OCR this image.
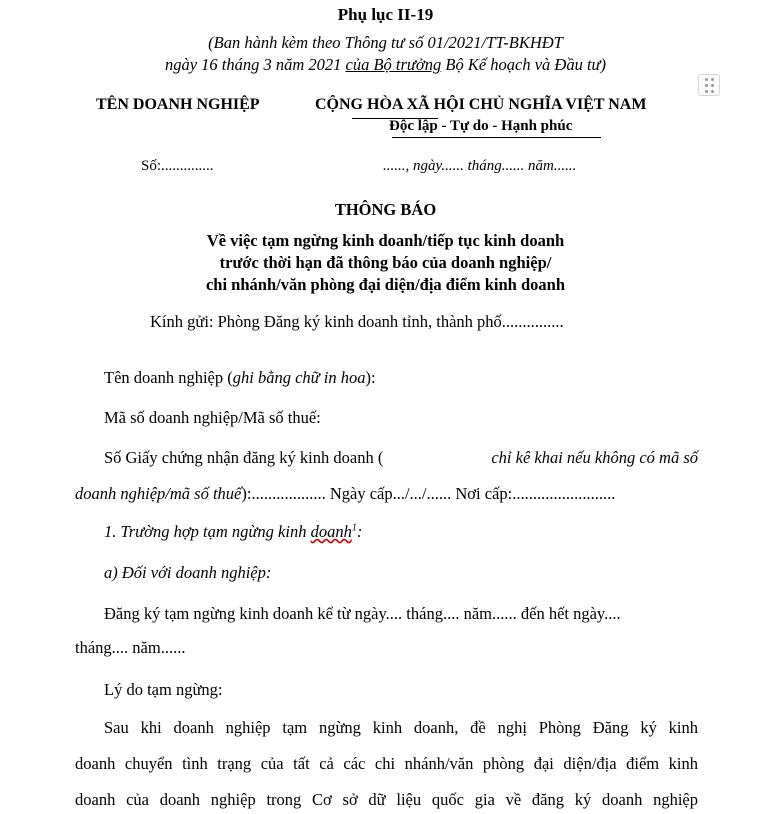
Phụ lục II-19
(Ban hành kèm theo Thông tư số 01/2021/TT-BKHĐT
ngày 16 tháng 3 năm 2021 của Bộ trưởng Bộ Kế hoạch và Đầu tư)
TÊN DOANH NGHIỆP	CỘNG HÒA XÃ HỘI CHỦ NGHĨA VIỆT NAM
Độc lập - Tự do - Hạnh phúc
Số:..............	......, ngày...... tháng...... năm......
THÔNG BÁO
Về việc tạm ngừng kinh doanh/tiếp tục kinh doanh
trước thời hạn đã thông báo của doanh nghiệp/
chi nhánh/văn phòng đại diện/địa điểm kinh doanh
Kính gửi: Phòng Đăng ký kinh doanh tỉnh, thành phố...............
Tên doanh nghiệp (ghi bằng chữ in hoa):
Mã số doanh nghiệp/Mã số thuế:
Số Giấy chứng nhận đăng ký kinh doanh (	chỉ kê khai nếu không có mã số
doanh nghiệp/mã số thuế):.................. Ngày cấp.../.../...... Nơi cấp:.........................
1. Trường hợp tạm ngừng kinh doanh$^1$:
a) Đối với doanh nghiệp:
Đăng ký tạm ngừng kinh doanh kể từ ngày.... tháng.... năm...... đến hết ngày....
tháng.... năm......
Lý do tạm ngừng:
Sau khi doanh nghiệp tạm ngừng kinh doanh, đề nghị Phòng Đăng ký kinh
doanh chuyển tình trạng của tất cả các chi nhánh/văn phòng đại diện/địa điểm kinh
doanh của doanh nghiệp trong Cơ sở dữ liệu quốc gia về đăng ký doanh nghiệp
